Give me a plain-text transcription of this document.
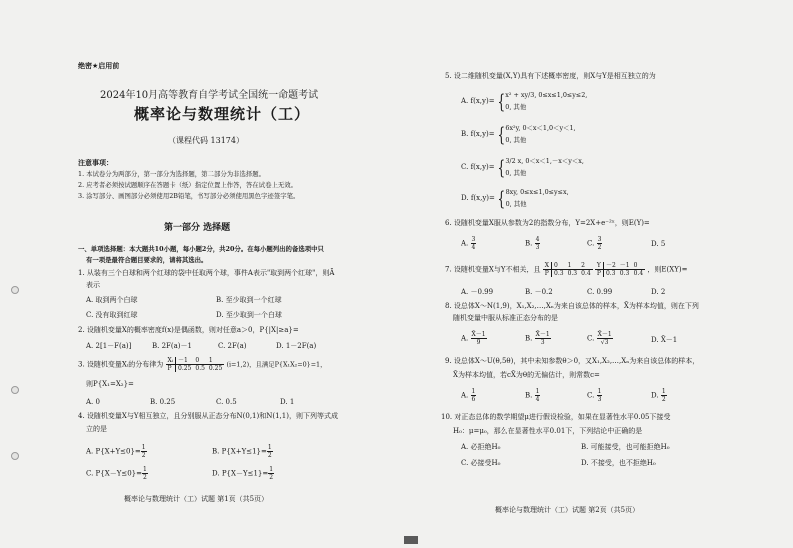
绝密★启用前
2024年10月高等教育自学考试全国统一命题考试
概率论与数理统计（工）
（课程代码 13174）
注意事项：
1. 本试卷分为两部分，第一部分为选择题，第二部分为非选择题。
2. 应考者必须按试题顺序在答题卡（纸）指定位置上作答，答在试卷上无效。
3. 涂写部分、画图部分必须使用2B铅笔，书写部分必须使用黑色字迹签字笔。
第一部分 选择题
一、单项选择题：本大题共10小题，每小题2分，共20分。在每小题列出的备选项中只
有一项是最符合题目要求的，请将其选出。
1. 从装有三个白球和两个红球的袋中任取两个球，事件A表示"取到两个红球"，则Ā
表示
A. 取到两个白球	B. 至少取到一个红球
C. 没有取到红球	D. 至少取到一个白球
2. 设随机变量X的概率密度f(x)是偶函数，则对任意a＞0，P{|X|≥a}=
A. 2[1－F(a)]	B. 2F(a)－1	C. 2F(a)	D. 1－2F(a)
3. 设随机变量Xᵢ的分布律为 Xᵢ	－1	0	1
P	0.25	0.5	0.25 (i=1,2)，且满足P{X₁X₂=0}=1，
则P{X₁=X₂}=
A. 0	B. 0.25	C. 0.5	D. 1
4. 设随机变量X与Y相互独立，且分别服从正态分布N(0,1)和N(1,1)，则下列等式成
立的是
A. $P\{X+Y\le 0\}= \frac{1}{2}$	B. $P\{X+Y\le 1\}= \frac{1}{2}$
C. $P\{X-Y\le 0\}= \frac{1}{2}$	D. $P\{X-Y\le 1\}= \frac{1}{2}$
概率论与数理统计（工）试题 第1页（共5页）
5. 设二维随机变量(X,Y)具有下述概率密度，则X与Y是相互独立的为
A. f(x,y)= { x² + xy/3, 0≤x≤1,0≤y≤2,
0, 其他
B. f(x,y)= { 6x²y, 0＜x＜1,0＜y＜1,
0, 其他
C. f(x,y)= { 3/2 x, 0＜x＜1,－x＜y＜x,
0, 其他
D. f(x,y)= { 8xy, 0≤x≤1,0≤y≤x,
0, 其他
6. 设随机变量X服从参数为2的指数分布，Y=2X+e⁻²ˣ，则E(Y)=
A. $\frac{3}{4}$	B. $\frac{4}{3}$	C. $\frac{3}{2}$	D. 5
7. 设随机变量X与Y不相关，且 X	0	1	2
P	0.3	0.3	0.4 Y	－2	－1	0
P	0.3	0.3	0.4 ，则E(XY)=
A. －0.99	B. －0.2	C. 0.99	D. 2
8. 设总体X～N(1,9)，X₁,X₂,…,Xₙ为来自该总体的样本，X̄为样本均值，则在下列
随机变量中服从标准正态分布的是
A. $\frac{X̄-1}{9}$	B. $\frac{X̄-1}{3}$	C. $\frac{X̄-1}{√3}$	D. X̄－1
9. 设总体X～U(θ,5θ)，其中未知参数θ＞0，又X₁,X₂,…,Xₙ为来自该总体的样本，
X̄为样本均值，若cX̄为θ的无偏估计，则常数c=
A. $\frac{1}{6}$	B. $\frac{1}{4}$	C. $\frac{1}{3}$	D. $\frac{1}{2}$
10. 对正态总体的数学期望μ进行假设检验，如果在显著性水平0.05下接受
H₀：μ=μ₀，那么在显著性水平0.01下，下列结论中正确的是
A. 必拒绝H₀	B. 可能接受，也可能拒绝H₀
C. 必接受H₀	D. 不接受，也不拒绝H₀
概率论与数理统计（工）试题 第2页（共5页）
